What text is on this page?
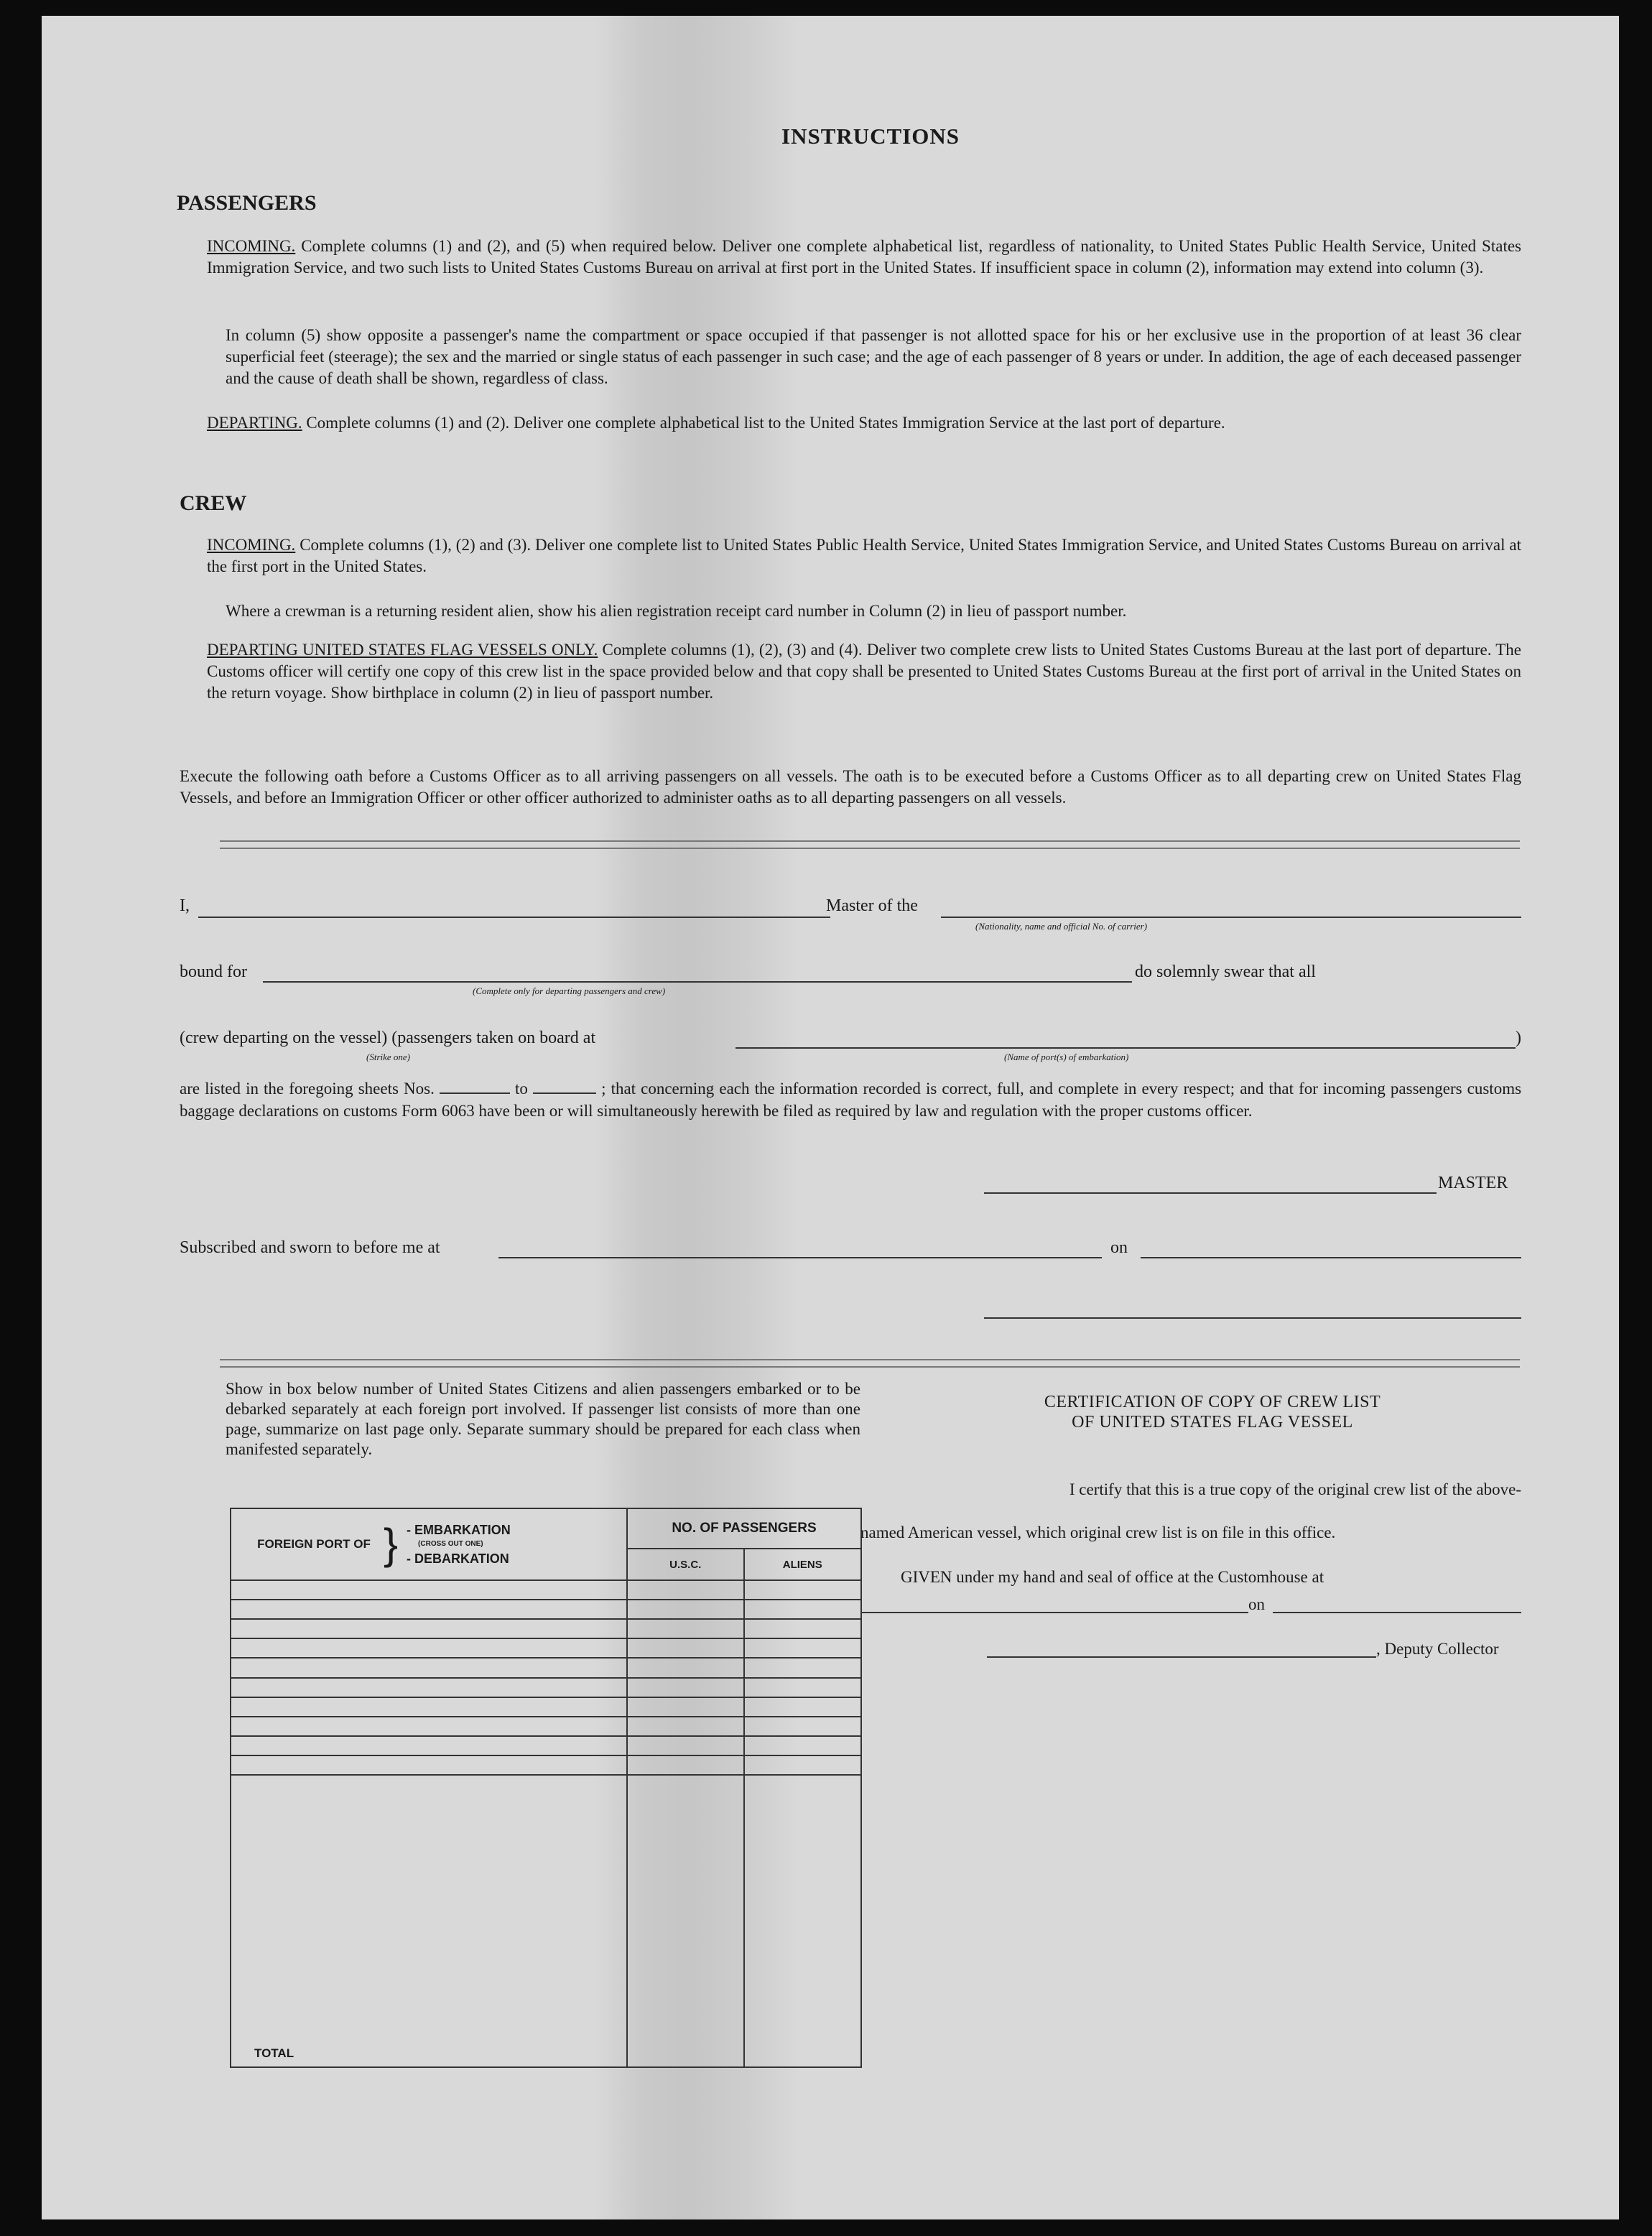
INSTRUCTIONS
PASSENGERS
INCOMING. Complete columns (1) and (2), and (5) when required below. Deliver one complete alphabetical list, regardless of nationality, to United States Public Health Service, United States Immigration Service, and two such lists to United States Customs Bureau on arrival at first port in the United States. If insufficient space in column (2), information may extend into column (3).
In column (5) show opposite a passenger's name the compartment or space occupied if that passenger is not allotted space for his or her exclusive use in the proportion of at least 36 clear superficial feet (steerage); the sex and the married or single status of each passenger in such case; and the age of each passenger of 8 years or under. In addition, the age of each deceased passenger and the cause of death shall be shown, regardless of class.
DEPARTING. Complete columns (1) and (2). Deliver one complete alphabetical list to the United States Immigration Service at the last port of departure.
CREW
INCOMING. Complete columns (1), (2) and (3). Deliver one complete list to United States Public Health Service, United States Immigration Service, and United States Customs Bureau on arrival at the first port in the United States.
Where a crewman is a returning resident alien, show his alien registration receipt card number in Column (2) in lieu of passport number.
DEPARTING UNITED STATES FLAG VESSELS ONLY. Complete columns (1), (2), (3) and (4). Deliver two complete crew lists to United States Customs Bureau at the last port of departure. The Customs officer will certify one copy of this crew list in the space provided below and that copy shall be presented to United States Customs Bureau at the first port of arrival in the United States on the return voyage. Show birthplace in column (2) in lieu of passport number.
Execute the following oath before a Customs Officer as to all arriving passengers on all vessels. The oath is to be executed before a Customs Officer as to all departing crew on United States Flag Vessels, and before an Immigration Officer or other officer authorized to administer oaths as to all departing passengers on all vessels.
I,	Master of the
(Nationality, name and official No. of carrier)
bound for
(Complete only for departing passengers and crew)
do solemnly swear that all
(crew departing on the vessel) (passengers taken on board at	)
(Strike one)	(Name of port(s) of embarkation)
are listed in the foregoing sheets Nos.	to	; that concerning each the information recorded is correct, full, and complete in every respect; and that for incoming passengers customs baggage declarations on customs Form 6063 have been or will simultaneously herewith be filed as required by law and regulation with the proper customs officer.
MASTER
Subscribed and sworn to before me at	on
Show in box below number of United States Citizens and alien passengers embarked or to be debarked separately at each foreign port involved. If passenger list consists of more than one page, summarize on last page only. Separate summary should be prepared for each class when manifested separately.
FOREIGN PORT OF } - EMBARKATION
(CROSS OUT ONE)
- DEBARKATION	NO. OF PASSENGERS	
	U.S.C.	ALIENS

TOTAL		
CERTIFICATION OF COPY OF CREW LIST
OF UNITED STATES FLAG VESSEL
I certify that this is a true copy of the original crew list of the above-
named American vessel, which original crew list is on file in this office.
GIVEN under my hand and seal of office at the Customhouse at
on
, Deputy Collector
